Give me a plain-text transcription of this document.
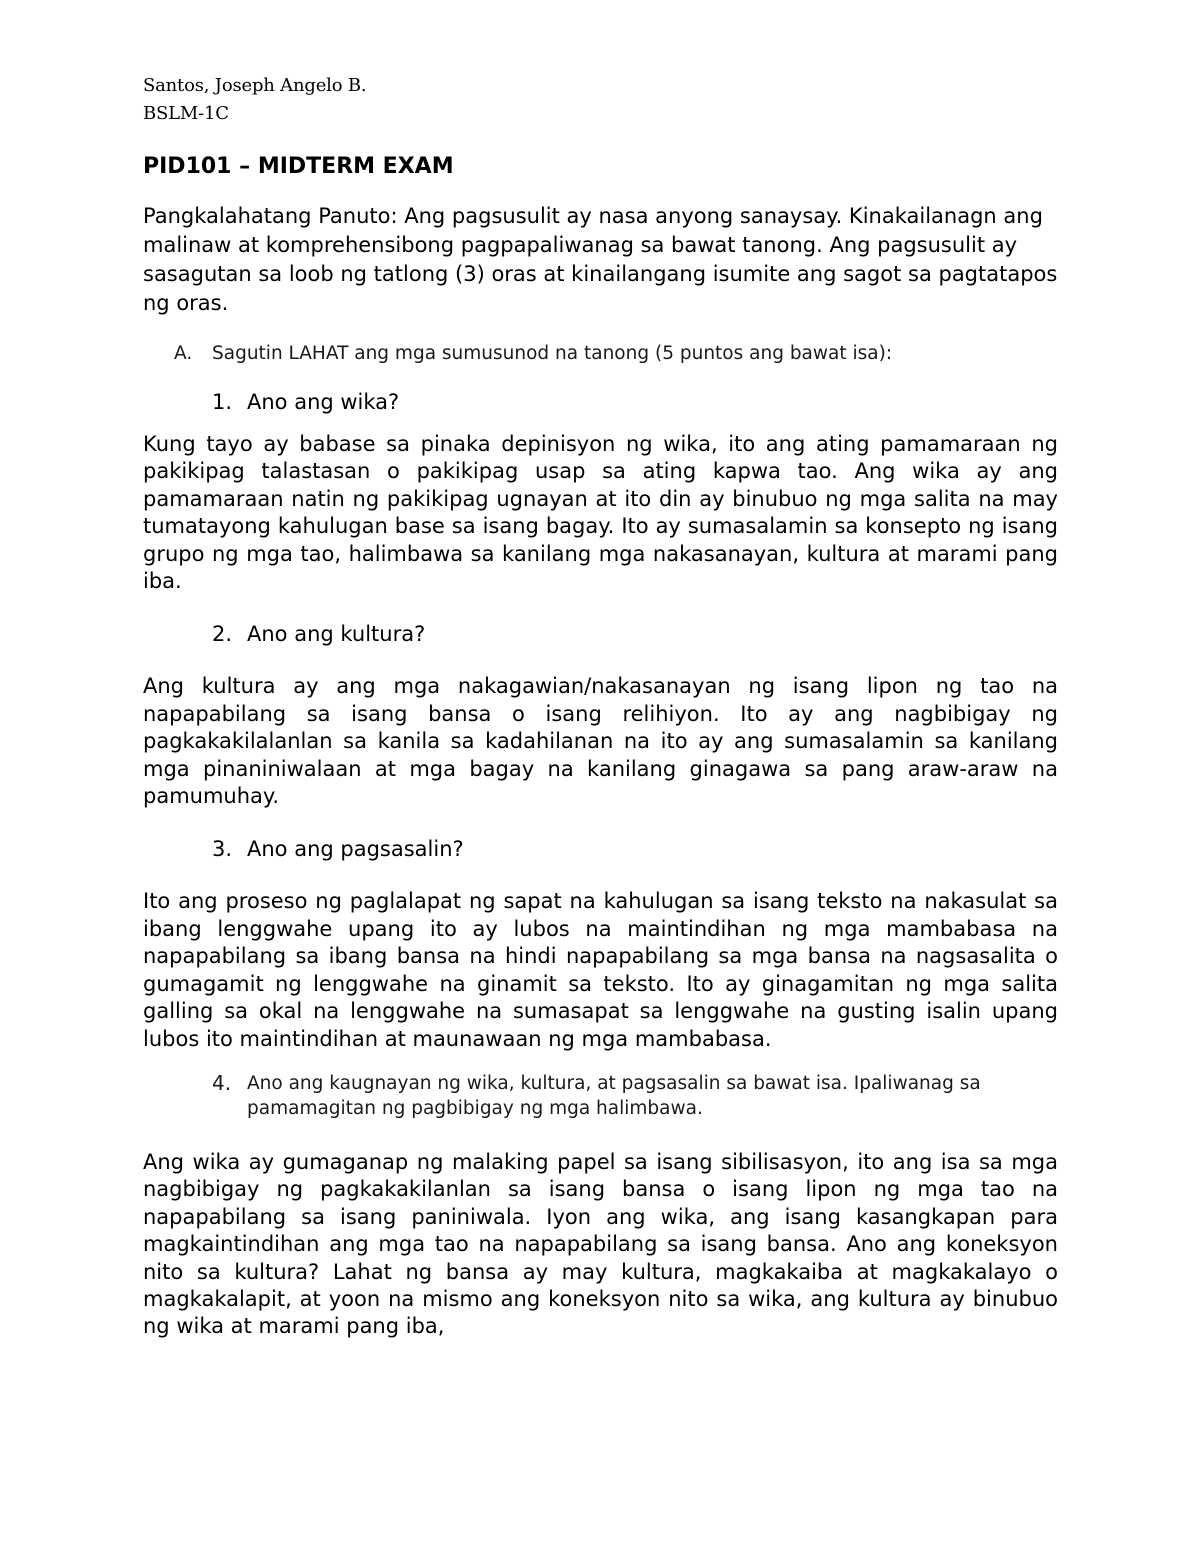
Santos, Joseph Angelo B.
BSLM-1C
PID101 – MIDTERM EXAM
Pangkalahatang Panuto: Ang pagsusulit ay nasa anyong sanaysay. Kinakailanagn ang malinaw at komprehensibong pagpapaliwanag sa bawat tanong. Ang pagsusulit ay sasagutan sa loob ng tatlong (3) oras at kinailangang isumite ang sagot sa pagtatapos ng oras.
A.	Sagutin LAHAT ang mga sumusunod na tanong (5 puntos ang bawat isa):
1. Ano ang wika?
Kung tayo ay babase sa pinaka depinisyon ng wika, ito ang ating pamamaraan ng pakikipag talastasan o pakikipag usap sa ating kapwa tao. Ang wika ay ang pamamaraan natin ng pakikipag ugnayan at ito din ay binubuo ng mga salita na may tumatayong kahulugan base sa isang bagay. Ito ay sumasalamin sa konsepto ng isang grupo ng mga tao, halimbawa sa kanilang mga nakasanayan, kultura at marami pang iba.
2. Ano ang kultura?
Ang kultura ay ang mga nakagawian/nakasanayan ng isang lipon ng tao na napapabilang sa isang bansa o isang relihiyon. Ito ay ang nagbibigay ng pagkakakilalanlan sa kanila sa kadahilanan na ito ay ang sumasalamin sa kanilang mga pinaniniwalaan at mga bagay na kanilang ginagawa sa pang araw-araw na pamumuhay.
3. Ano ang pagsasalin?
Ito ang proseso ng paglalapat ng sapat na kahulugan sa isang teksto na nakasulat sa ibang lenggwahe upang ito ay lubos na maintindihan ng mga mambabasa na napapabilang sa ibang bansa na hindi napapabilang sa mga bansa na nagsasalita o gumagamit ng lenggwahe na ginamit sa teksto. Ito ay ginagamitan ng mga salita galling sa okal na lenggwahe na sumasapat sa lenggwahe na gusting isalin upang lubos ito maintindihan at maunawaan ng mga mambabasa.
4. Ano ang kaugnayan ng wika, kultura, at pagsasalin sa bawat isa. Ipaliwanag sa pamamagitan ng pagbibigay ng mga halimbawa.
Ang wika ay gumaganap ng malaking papel sa isang sibilisasyon, ito ang isa sa mga nagbibigay ng pagkakakilanlan sa isang bansa o isang lipon ng mga tao na napapabilang sa isang paniniwala. Iyon ang wika, ang isang kasangkapan para magkaintindihan ang mga tao na napapabilang sa isang bansa. Ano ang koneksyon nito sa kultura? Lahat ng bansa ay may kultura, magkakaiba at magkakalayo o magkakalapit, at yoon na mismo ang koneksyon nito sa wika, ang kultura ay binubuo ng wika at marami pang iba,
